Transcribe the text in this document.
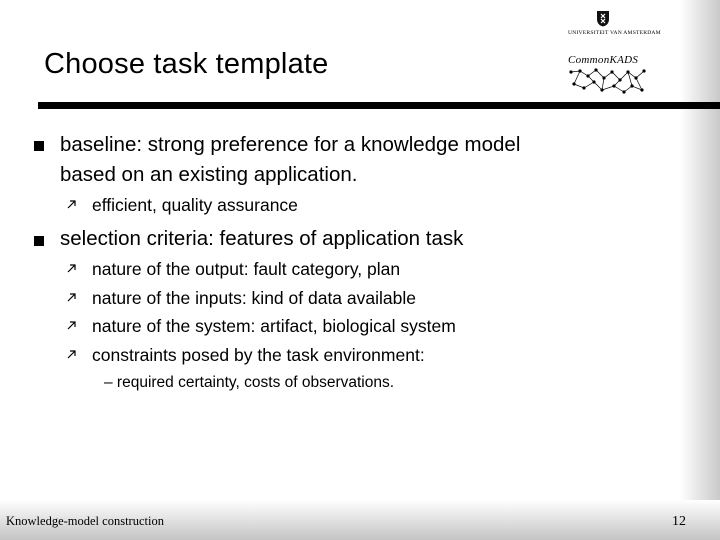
UNIVERSITEIT VAN AMSTERDAM
CommonKADS
Choose task template
baseline: strong preference for a knowledge model
based on an existing application.
efficient, quality assurance
selection criteria: features of application task
nature of the output: fault category, plan
nature of the inputs: kind of data available
nature of the system: artifact, biological system
constraints posed by the task environment:
– required certainty, costs of observations.
Knowledge-model construction	12
